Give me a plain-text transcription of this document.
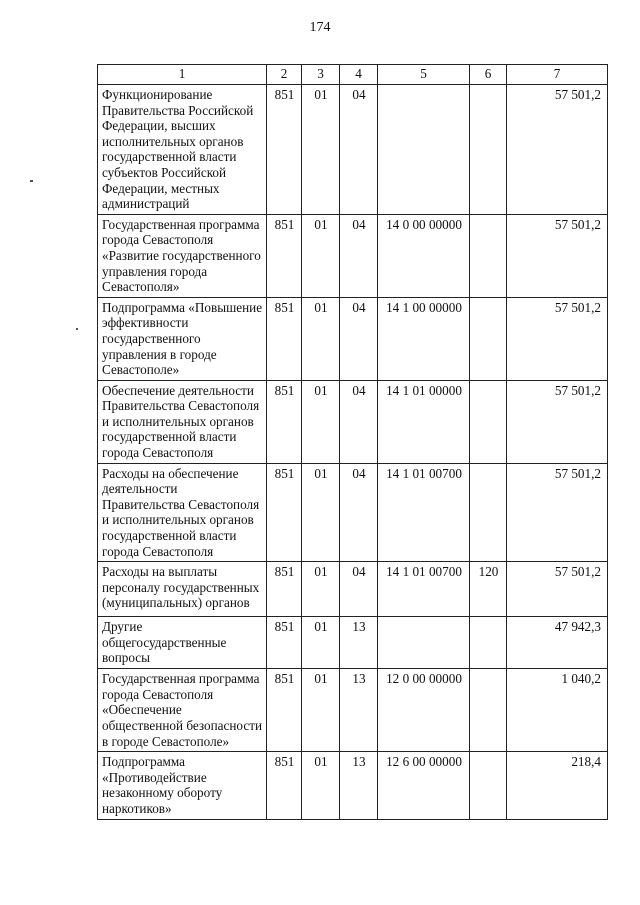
174
1	2	3	4	5	6	7
Функционирование Правительства Российской Федерации, высших исполнительных органов государственной власти субъектов Российской Федерации, местных администраций	851	01	04			57 501,2
Государственная программа города Севастополя «Развитие государственного управления города Севастополя»	851	01	04	14 0 00 00000		57 501,2
Подпрограмма «Повышение эффективности государственного управления в городе Севастополе»	851	01	04	14 1 00 00000		57 501,2
Обеспечение деятельности Правительства Севастополя и исполнительных органов государственной власти города Севастополя	851	01	04	14 1 01 00000		57 501,2
Расходы на обеспечение деятельности Правительства Севастополя и исполнительных органов государственной власти города Севастополя	851	01	04	14 1 01 00700		57 501,2
Расходы на выплаты персоналу государственных (муниципальных) органов	851	01	04	14 1 01 00700	120	57 501,2
Другие общегосударственные вопросы	851	01	13			47 942,3
Государственная программа города Севастополя «Обеспечение общественной безопасности в городе Севастополе»	851	01	13	12 0 00 00000		1 040,2
Подпрограмма «Противодействие незаконному обороту наркотиков»	851	01	13	12 6 00 00000		218,4
